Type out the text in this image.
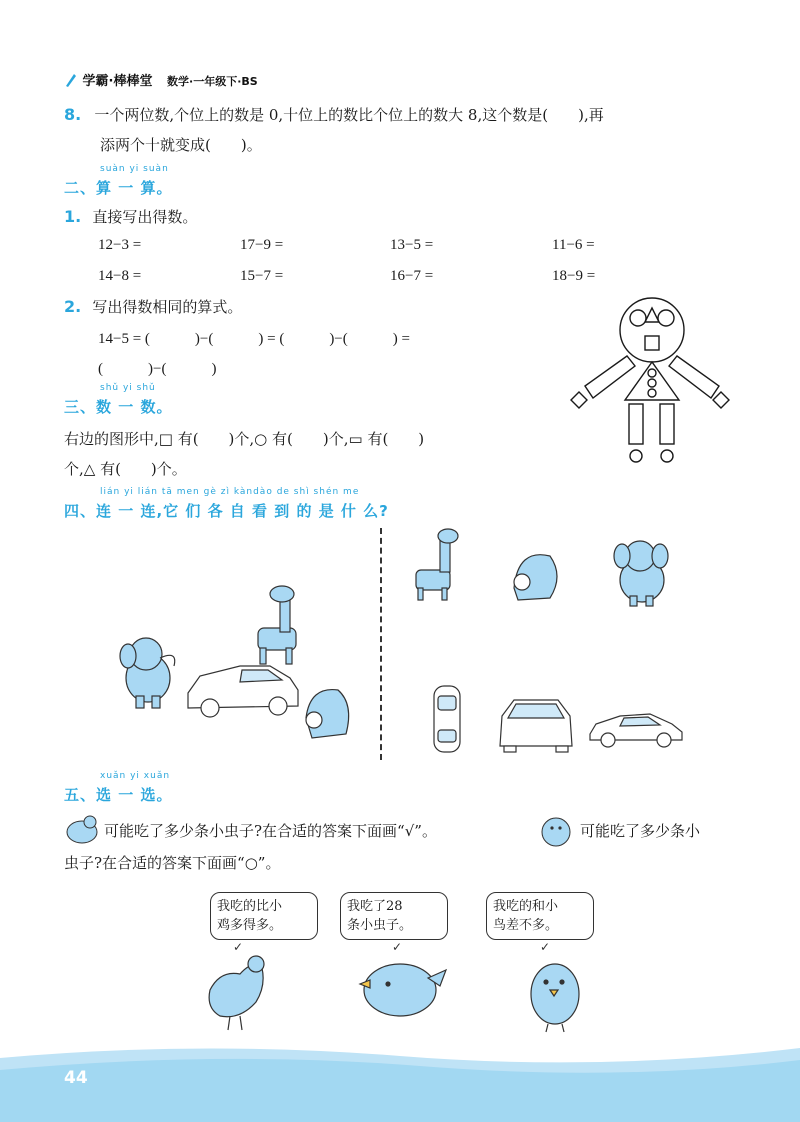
学霸·棒棒堂 数学·一年级下·BS
8. 一个两位数,个位上的数是 0,十位上的数比个位上的数大 8,这个数是(　　),再
添两个十就变成(　　)。
suàn yi suàn
二、算 一 算。
1. 直接写出得数。
12−3 =	17−9 =	13−5 =	11−6 =
14−8 =	15−7 =	16−7 =	18−9 =
2. 写出得数相同的算式。
14−5 = (　　　)−(　　　) = (　　　)−(　　　) =
(　　　)−(　　　)
shǔ yi shǔ
三、数 一 数。
右边的图形中,□ 有(　　)个,○ 有(　　)个,▭ 有(　　)
个,△ 有(　　)个。
lián yi lián tā men gè zì kàndào de shì shén me
四、连 一 连,它 们 各 自 看 到 的 是 什 么?
xuǎn yi xuǎn
五、选 一 选。
可能吃了多少条小虫子?在合适的答案下面画“√”。	可能吃了多少条小
虫子?在合适的答案下面画“○”。
我吃的比小
鸡多得多。
✓
我吃了28
条小虫子。
✓
我吃的和小
鸟差不多。
✓
44
